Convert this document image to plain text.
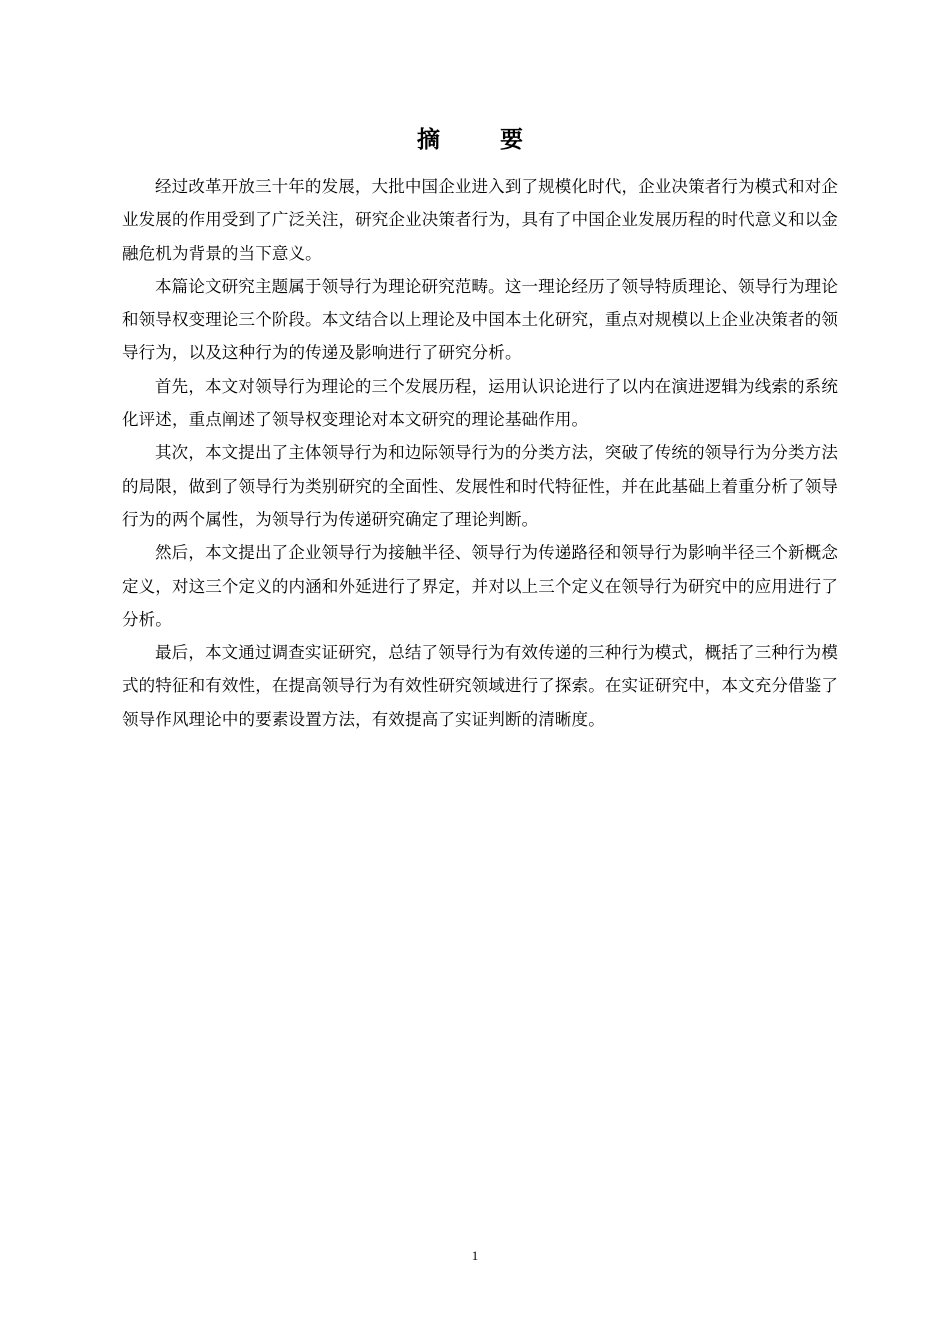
摘 要

经过改革开放三十年的发展，大批中国企业进入到了规模化时代，企业决策者行为模式和对企业发展的作用受到了广泛关注，研究企业决策者行为，具有了中国企业发展历程的时代意义和以金融危机为背景的当下意义。

本篇论文研究主题属于领导行为理论研究范畴。这一理论经历了领导特质理论、领导行为理论和领导权变理论三个阶段。本文结合以上理论及中国本土化研究，重点对规模以上企业决策者的领导行为，以及这种行为的传递及影响进行了研究分析。

首先，本文对领导行为理论的三个发展历程，运用认识论进行了以内在演进逻辑为线索的系统化评述，重点阐述了领导权变理论对本文研究的理论基础作用。

其次，本文提出了主体领导行为和边际领导行为的分类方法，突破了传统的领导行为分类方法的局限，做到了领导行为类别研究的全面性、发展性和时代特征性，并在此基础上着重分析了领导行为的两个属性，为领导行为传递研究确定了理论判断。

然后，本文提出了企业领导行为接触半径、领导行为传递路径和领导行为影响半径三个新概念定义，对这三个定义的内涵和外延进行了界定，并对以上三个定义在领导行为研究中的应用进行了分析。

最后，本文通过调查实证研究，总结了领导行为有效传递的三种行为模式，概括了三种行为模式的特征和有效性，在提高领导行为有效性研究领域进行了探索。在实证研究中，本文充分借鉴了领导作风理论中的要素设置方法，有效提高了实证判断的清晰度。

1
